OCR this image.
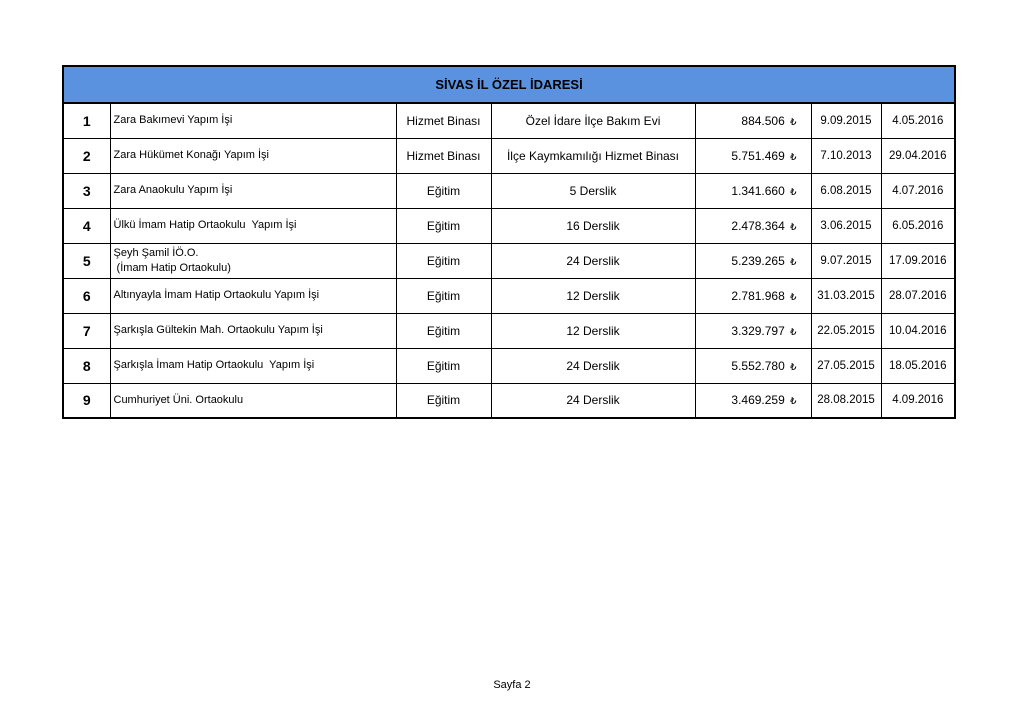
SİVAS İL ÖZEL İDARESİ						
1	Zara Bakımevi Yapım İşi	Hizmet Binası	Özel İdare İlçe Bakım Evi	884.506 ₺	9.09.2015	4.05.2016
2	Zara Hükümet Konağı Yapım İşi	Hizmet Binası	İlçe Kaymkamılığı Hizmet Binası	5.751.469 ₺	7.10.2013	29.04.2016
3	Zara Anaokulu Yapım İşi	Eğitim	5 Derslik	1.341.660 ₺	6.08.2015	4.07.2016
4	Ülkü İmam Hatip Ortaokulu  Yapım İşi	Eğitim	16 Derslik	2.478.364 ₺	3.06.2015	6.05.2016
5	Şeyh Şamil İÖ.O.
(İmam Hatip Ortaokulu)	Eğitim	24 Derslik	5.239.265 ₺	9.07.2015	17.09.2016
6	Altınyayla İmam Hatip Ortaokulu Yapım İşi	Eğitim	12 Derslik	2.781.968 ₺	31.03.2015	28.07.2016
7	Şarkışla Gültekin Mah. Ortaokulu Yapım İşi	Eğitim	12 Derslik	3.329.797 ₺	22.05.2015	10.04.2016
8	Şarkışla İmam Hatip Ortaokulu  Yapım İşi	Eğitim	24 Derslik	5.552.780 ₺	27.05.2015	18.05.2016
9	Cumhuriyet Üni. Ortaokulu	Eğitim	24 Derslik	3.469.259 ₺	28.08.2015	4.09.2016
Sayfa 2
